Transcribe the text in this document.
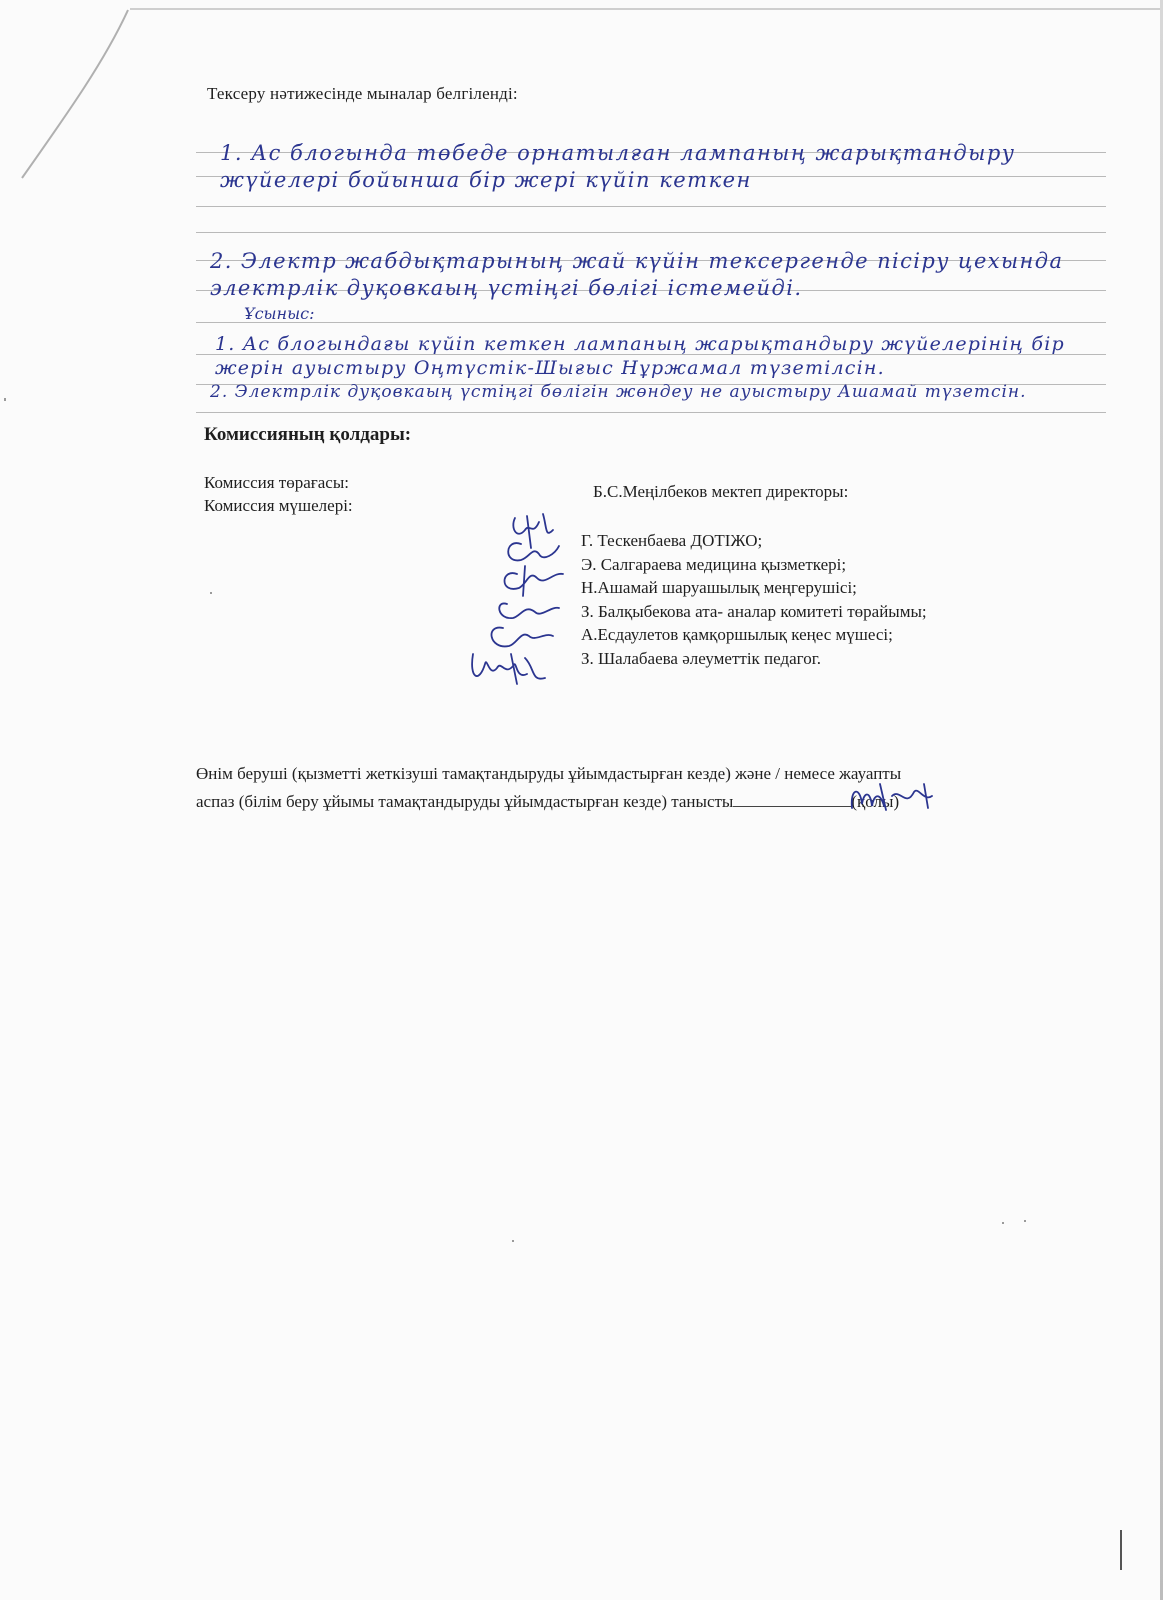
Тексеру нәтижесінде мыналар белгіленді:
1. Ас блогында төбеде орнатылған лампаның жарықтандыру жүйелері бойынша бір жері күйіп кеткен
2. Электр жабдықтарының жай күйін тексергенде пісіру цехында электрлік дуқовкаың үстіңгі бөлігі істемейді.
Ұсыныс:
1. Ас блогындағы күйіп кеткен лампаның жарықтандыру жүйелерінің бір жерін ауыстыру Оңтүстік-Шығыс Нұржамал түзетілсін.
2. Электрлік дуқовкаың үстіңгі бөлігін жөндеу не ауыстыру Ашамай түзетсін.
Комиссияның қолдары:
Комиссия төрағасы:	Б.С.Меңілбеков мектеп директоры:
Комиссия мүшелері:
Г. Тескенбаева ДОТІЖО;
Э. Салгараева медицина қызметкері;
Н.Ашамай шаруашылық меңгерушісі;
З. Балқыбекова ата- аналар комитеті төрайымы;
А.Есдаулетов қамқоршылық кеңес мүшесі;
З. Шалабаева әлеуметтік педагог.
Өнім беруші (қызметті жеткізуші тамақтандыруды ұйымдастырған кезде) және / немесе жауапты
аспаз (білім беру ұйымы тамақтандыруды ұйымдастырған кезде) танысты	(қолы)
